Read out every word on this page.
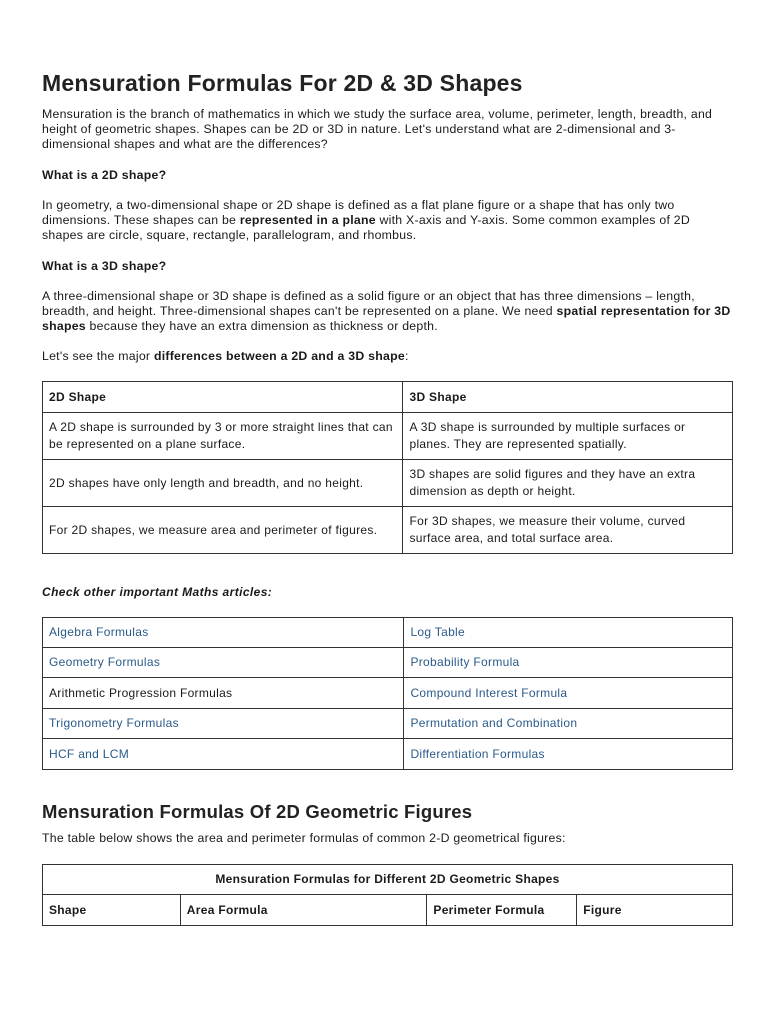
Mensuration Formulas For 2D & 3D Shapes

Mensuration is the branch of mathematics in which we study the surface area, volume, perimeter, length, breadth, and height of geometric shapes. Shapes can be 2D or 3D in nature. Let's understand what are 2-dimensional and 3-dimensional shapes and what are the differences?

What is a 2D shape?

In geometry, a two-dimensional shape or 2D shape is defined as a flat plane figure or a shape that has only two dimensions. These shapes can be represented in a plane with X-axis and Y-axis. Some common examples of 2D shapes are circle, square, rectangle, parallelogram, and rhombus.

What is a 3D shape?

A three-dimensional shape or 3D shape is defined as a solid figure or an object that has three dimensions – length, breadth, and height. Three-dimensional shapes can't be represented on a plane. We need spatial representation for 3D shapes because they have an extra dimension as thickness or depth.

Let's see the major differences between a 2D and a 3D shape:

2D Shape	3D Shape
A 2D shape is surrounded by 3 or more straight lines that can be represented on a plane surface.	A 3D shape is surrounded by multiple surfaces or planes. They are represented spatially.
2D shapes have only length and breadth, and no height.	3D shapes are solid figures and they have an extra dimension as depth or height.
For 2D shapes, we measure area and perimeter of figures.	For 3D shapes, we measure their volume, curved surface area, and total surface area.
Check other important Maths articles:
Algebra Formulas	Log Table
Geometry Formulas	Probability Formula
Arithmetic Progression Formulas	Compound Interest Formula
Trigonometry Formulas	Permutation and Combination
HCF and LCM	Differentiation Formulas
Mensuration Formulas Of 2D Geometric Figures

The table below shows the area and perimeter formulas of common 2-D geometrical figures:

Mensuration Formulas for Different 2D Geometric Shapes
Shape	Area Formula	Perimeter Formula	Figure
